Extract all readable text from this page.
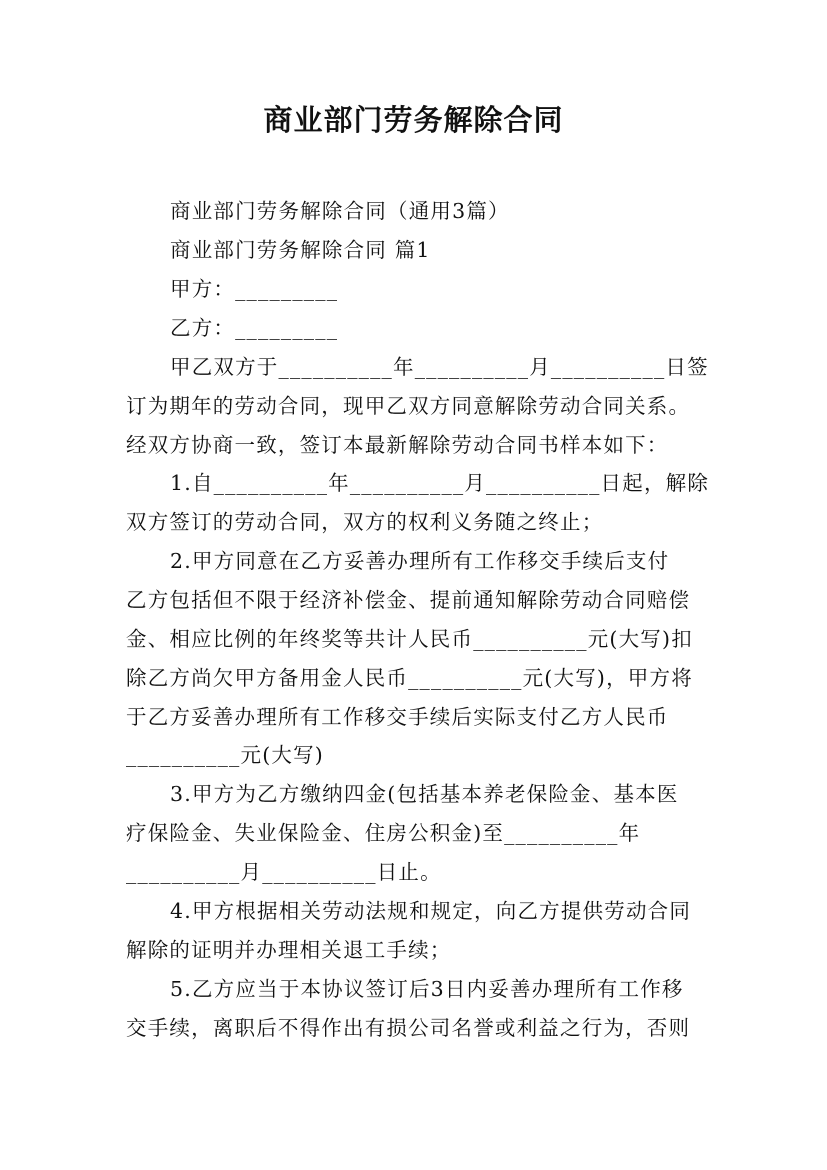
商业部门劳务解除合同
商业部门劳务解除合同（通用3篇）
商业部门劳务解除合同 篇1
甲方：_________
乙方：_________
甲乙双方于__________年__________月__________日签
订为期年的劳动合同，现甲乙双方同意解除劳动合同关系。
经双方协商一致，签订本最新解除劳动合同书样本如下：
1.自__________年__________月__________日起，解除
双方签订的劳动合同，双方的权利义务随之终止；
2.甲方同意在乙方妥善办理所有工作移交手续后支付
乙方包括但不限于经济补偿金、提前通知解除劳动合同赔偿
金、相应比例的年终奖等共计人民币__________元(大写)扣
除乙方尚欠甲方备用金人民币__________元(大写)，甲方将
于乙方妥善办理所有工作移交手续后实际支付乙方人民币
__________元(大写)
3.甲方为乙方缴纳四金(包括基本养老保险金、基本医
疗保险金、失业保险金、住房公积金)至__________年
__________月__________日止。
4.甲方根据相关劳动法规和规定，向乙方提供劳动合同
解除的证明并办理相关退工手续；
5.乙方应当于本协议签订后3日内妥善办理所有工作移
交手续，离职后不得作出有损公司名誉或利益之行为，否则
